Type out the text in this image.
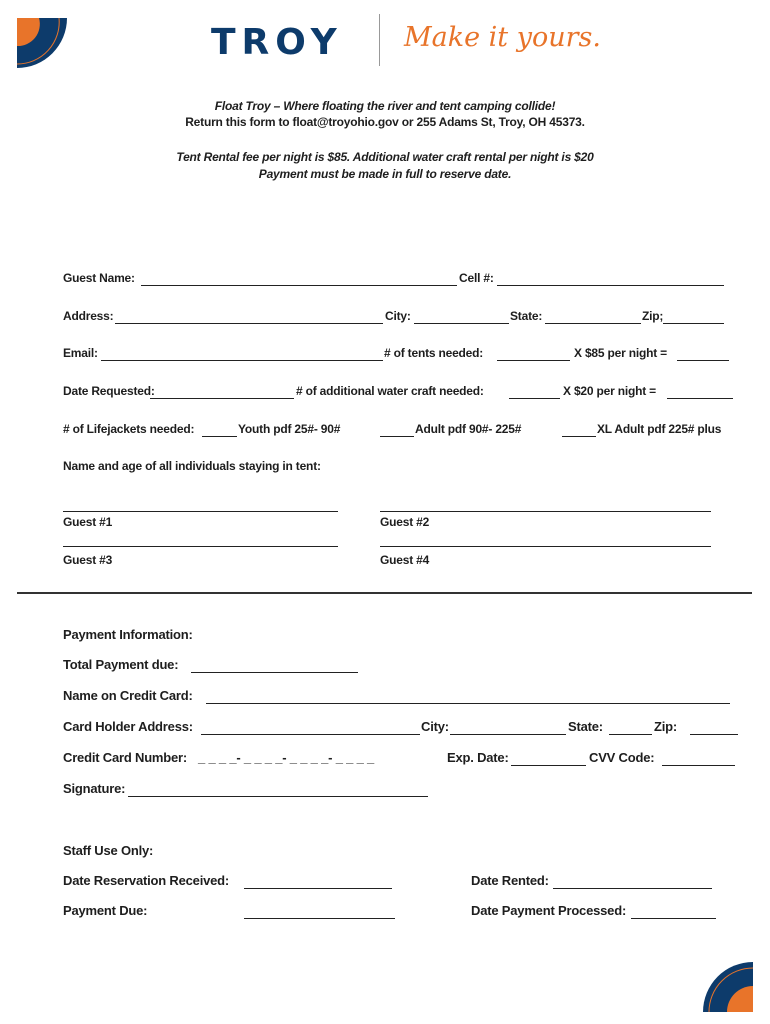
TROY Make it yours.
Float Troy – Where floating the river and tent camping collide!
Return this form to float@troyohio.gov or 255 Adams St, Troy, OH 45373.
Tent Rental fee per night is $85. Additional water craft rental per night is $20
Payment must be made in full to reserve date.
Guest Name:	Cell #:
Address:	City:	State:	Zip;
Email:	# of tents needed:	X $85 per night =
Date Requested:	# of additional water craft needed:	X $20 per night =
# of Lifejackets needed:	Youth pdf 25#- 90#	Adult pdf 90#- 225#	XL Adult pdf 225# plus
Name and age of all individuals staying in tent:
Guest #1	Guest #2
Guest #3	Guest #4
Payment Information:
Total Payment due:
Name on Credit Card:
Card Holder Address:	City:	State:	Zip:
Credit Card Number: _ _ _ _- _ _ _ _- _ _ _ _- _ _ _ _	Exp. Date:	CVV Code:
Signature:
Staff Use Only:
Date Reservation Received:	Date Rented:
Payment Due:	Date Payment Processed:
